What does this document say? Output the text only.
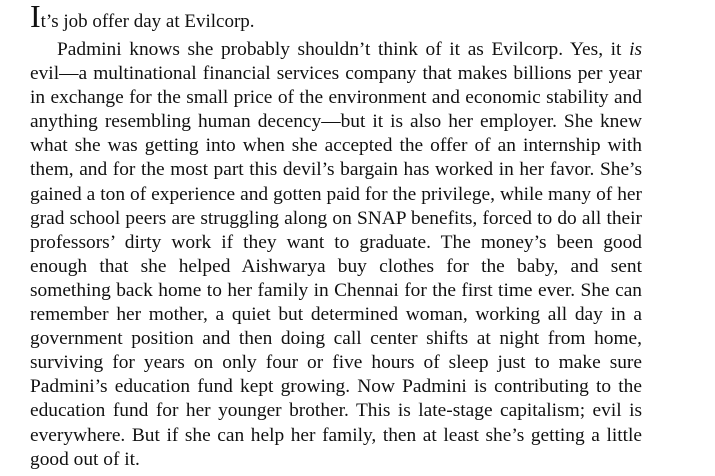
It’s job offer day at Evilcorp.

Padmini knows she probably shouldn’t think of it as Evilcorp. Yes, it is evil—a multinational financial services company that makes billions per year in exchange for the small price of the environment and economic stability and anything resembling human decency—but it is also her employer. She knew what she was getting into when she accepted the offer of an internship with them, and for the most part this devil’s bargain has worked in her favor. She’s gained a ton of experience and gotten paid for the privilege, while many of her grad school peers are struggling along on SNAP benefits, forced to do all their professors’ dirty work if they want to graduate. The money’s been good enough that she helped Aishwarya buy clothes for the baby, and sent something back home to her family in Chennai for the first time ever. She can remember her mother, a quiet but determined woman, working all day in a government position and then doing call center shifts at night from home, surviving for years on only four or five hours of sleep just to make sure Padmini’s education fund kept growing. Now Padmini is contributing to the education fund for her younger brother. This is late-stage capitalism; evil is everywhere. But if she can help her family, then at least she’s getting a little good out of it.
